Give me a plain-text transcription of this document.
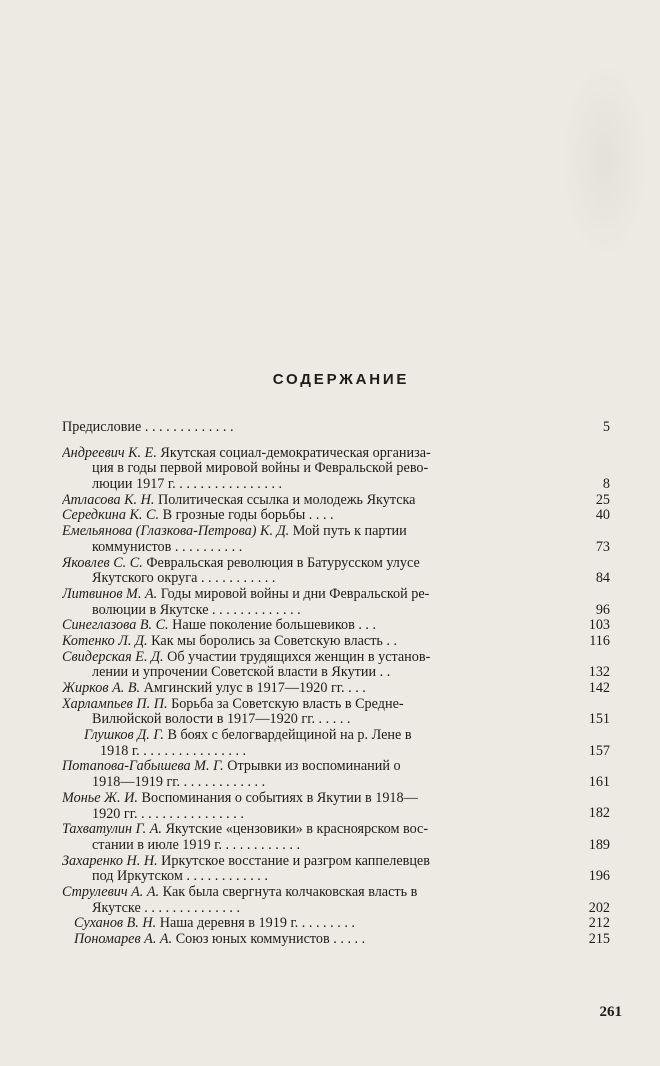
СОДЕРЖАНИЕ
Предисловие . . . . . . . . . . . . .	5
Андреевич К. Е. Якутская социал-демократическая организа-
ция в годы первой мировой войны и Февральской рево-
люции 1917 г. . . . . . . . . . . . . . . .	8
Атласова К. Н. Политическая ссылка и молодежь Якутска	25
Середкина К. С. В грозные годы борьбы . . . .	40
Емельянова (Глазкова-Петрова) К. Д. Мой путь к партии
коммунистов . . . . . . . . . .	73
Яковлев С. С. Февральская революция в Батурусском улусе
Якутского округа . . . . . . . . . . .	84
Литвинов М. А. Годы мировой войны и дни Февральской ре-
волюции в Якутске . . . . . . . . . . . . .	96
Синеглазова В. С. Наше поколение большевиков . . .	103
Котенко Л. Д. Как мы боролись за Советскую власть . .	116
Свидерская Е. Д. Об участии трудящихся женщин в установ-
лении и упрочении Советской власти в Якутии . .	132
Жирков А. В. Амгинский улус в 1917—1920 гг. . . .	142
Харлампьев П. П. Борьба за Советскую власть в Средне-
Вилюйской волости в 1917—1920 гг. . . . . .	151
Глушков Д. Г. В боях с белогвардейщиной на р. Лене в
1918 г. . . . . . . . . . . . . . . .	157
Потапова-Габышева М. Г. Отрывки из воспоминаний о
1918—1919 гг. . . . . . . . . . . . .	161
Монье Ж. И. Воспоминания о событиях в Якутии в 1918—
1920 гг. . . . . . . . . . . . . . . .	182
Тахватулин Г. А. Якутские «цензовики» в красноярском вос-
стании в июле 1919 г. . . . . . . . . . . .	189
Захаренко Н. Н. Иркутское восстание и разгром каппелевцев
под Иркутском . . . . . . . . . . . .	196
Струлевич А. А. Как была свергнута колчаковская власть в
Якутске . . . . . . . . . . . . . .	202
Суханов В. Н. Наша деревня в 1919 г. . . . . . . . .	212
Пономарев А. А. Союз юных коммунистов . . . . .	215
261
